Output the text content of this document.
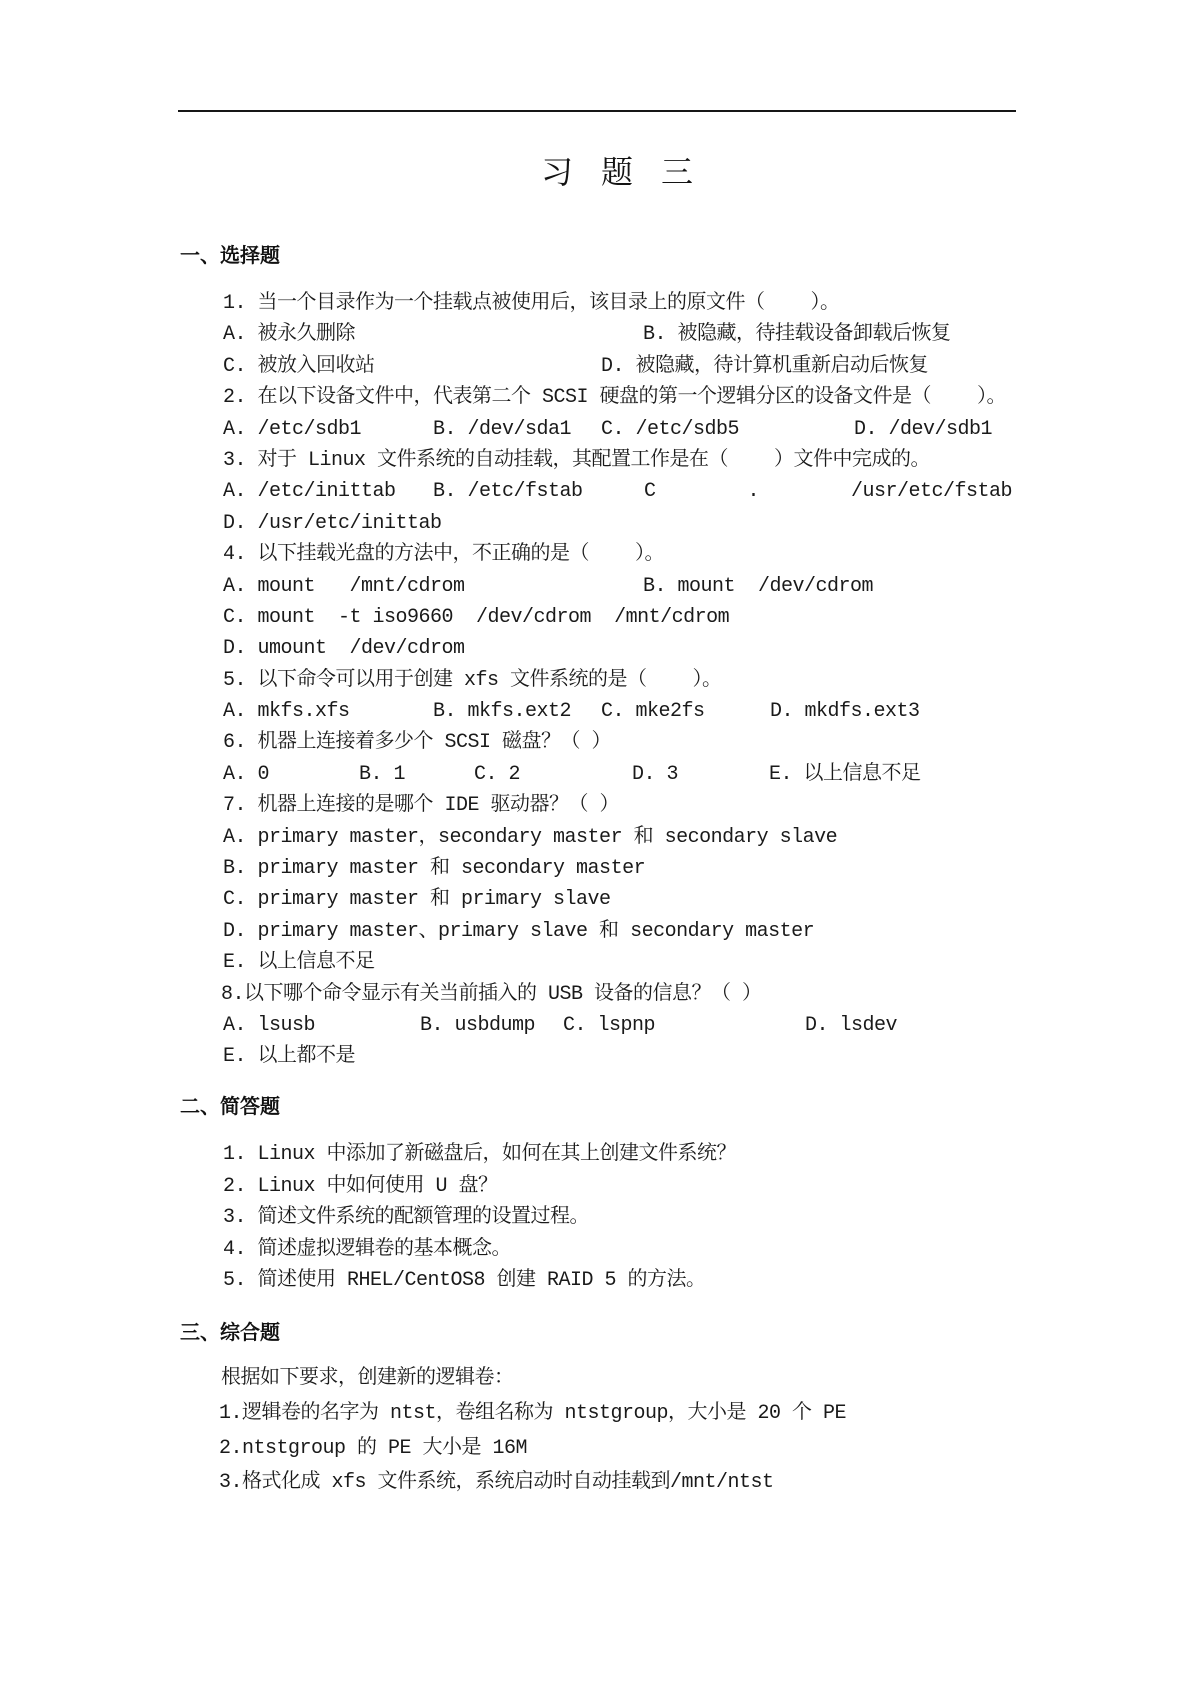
习 题 三
一、选择题
1. 当一个目录作为一个挂载点被使用后，该目录上的原文件（    ）。
A. 被永久删除	B. 被隐藏，待挂载设备卸载后恢复
C. 被放入回收站	D. 被隐藏，待计算机重新启动后恢复
2. 在以下设备文件中，代表第二个 SCSI 硬盘的第一个逻辑分区的设备文件是（    ）。
A. /etc/sdb1	B. /dev/sda1 C. /etc/sdb5	D. /dev/sdb1
3. 对于 Linux 文件系统的自动挂载，其配置工作是在（    ）文件中完成的。
A. /etc/inittab B. /etc/fstab	C . /usr/etc/fstab
D. /usr/etc/inittab
4. 以下挂载光盘的方法中，不正确的是（    ）。
A. mount   /mnt/cdrom	B. mount  /dev/cdrom
C. mount  -t iso9660  /dev/cdrom  /mnt/cdrom
D. umount  /dev/cdrom
5. 以下命令可以用于创建 xfs 文件系统的是（    ）。
A. mkfs.xfs	B. mkfs.ext2 C. mke2fs	D. mkdfs.ext3
6. 机器上连接着多少个 SCSI 磁盘？（ ）
A. 0	B. 1	C. 2	D. 3	E. 以上信息不足
7. 机器上连接的是哪个 IDE 驱动器？（ ）
A. primary master，secondary master 和 secondary slave
B. primary master 和 secondary master
C. primary master 和 primary slave
D. primary master、primary slave 和 secondary master
E. 以上信息不足
8.以下哪个命令显示有关当前插入的 USB 设备的信息？（ ）
A. lsusb	B. usbdump C. lspnp	D. lsdev
E. 以上都不是
二、简答题
1. Linux 中添加了新磁盘后，如何在其上创建文件系统？
2. Linux 中如何使用 U 盘？
3. 简述文件系统的配额管理的设置过程。
4. 简述虚拟逻辑卷的基本概念。
5. 简述使用 RHEL/CentOS8 创建 RAID 5 的方法。
三、综合题
根据如下要求，创建新的逻辑卷：
1.逻辑卷的名字为 ntst，卷组名称为 ntstgroup，大小是 20 个 PE
2.ntstgroup 的 PE 大小是 16M
3.格式化成 xfs 文件系统，系统启动时自动挂载到/mnt/ntst
